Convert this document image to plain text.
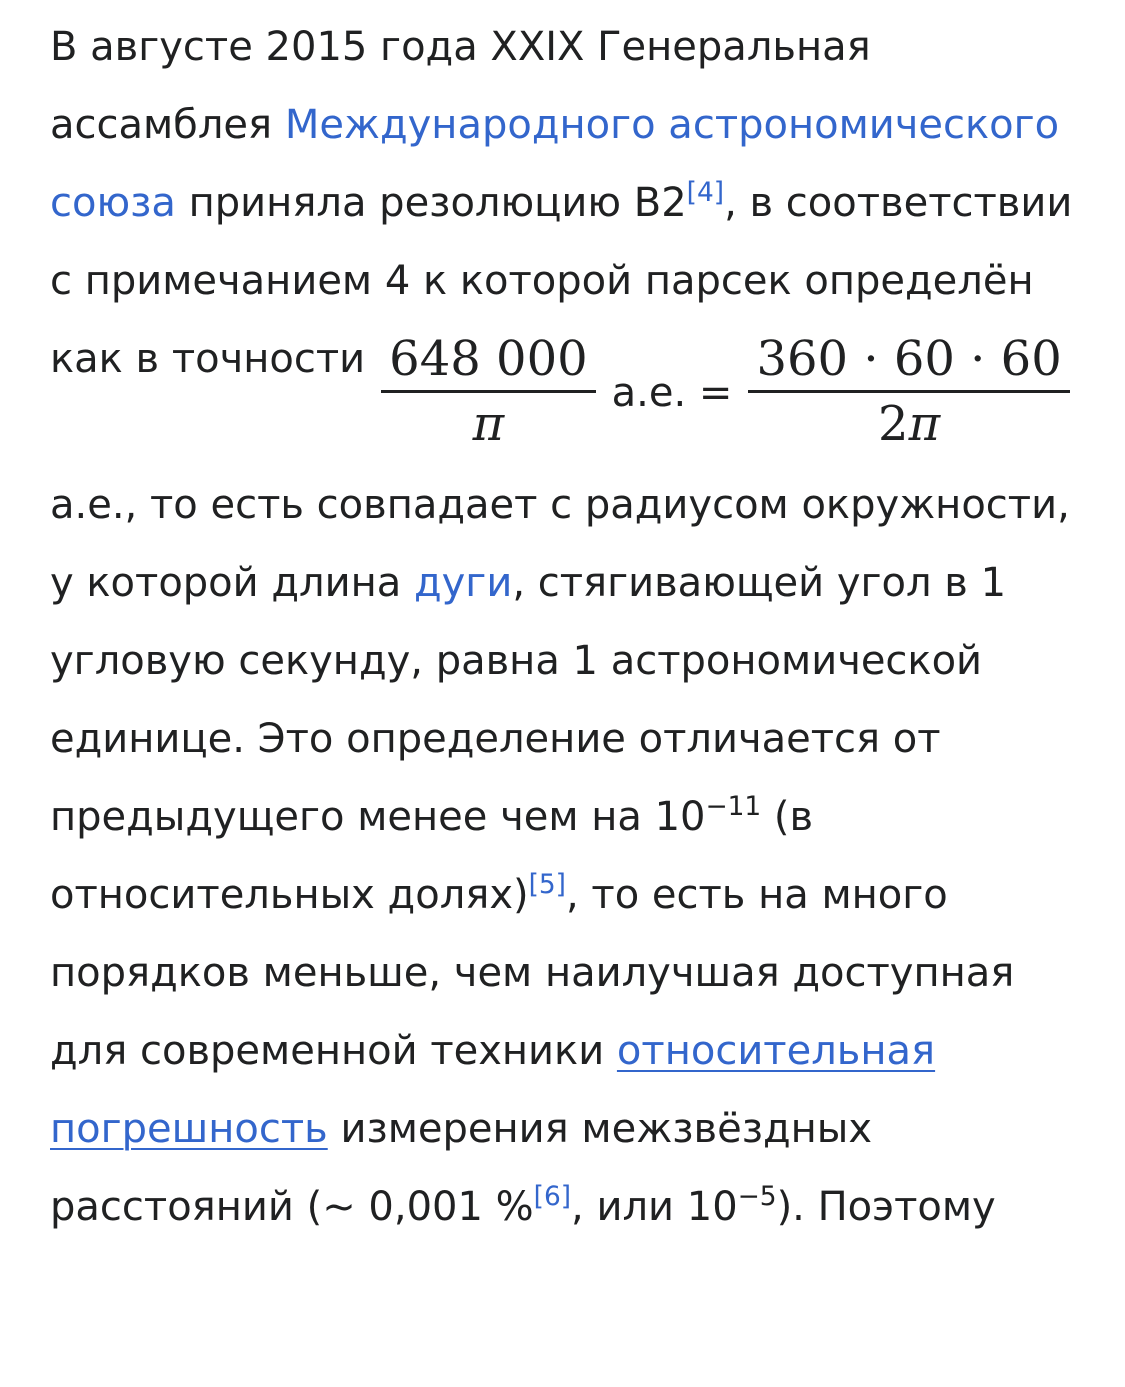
В августе 2015 года XXIX Генеральная ассамблея Международного астрономического союза приняла резолюцию B2[4], в соответствии с примечанием 4 к которой парсек определён как в точности $\frac{648 000}{\pi} а.е$. = $\frac{360 \cdot 60 \cdot 60}{2\pi}$

а.е., то есть совпадает с радиусом окружности, у которой длина дуги, стягивающей угол в 1 угловую секунду, равна 1 астрономической единице. Это определение отличается от предыдущего менее чем на $10^{-11}$ (в относительных долях)[5], то есть на много порядков меньше, чем наилучшая доступная для современной техники относительная погрешность измерения межзвёздных расстояний (~ 0,001 %[6], или $10^{-5}$). Поэтому
